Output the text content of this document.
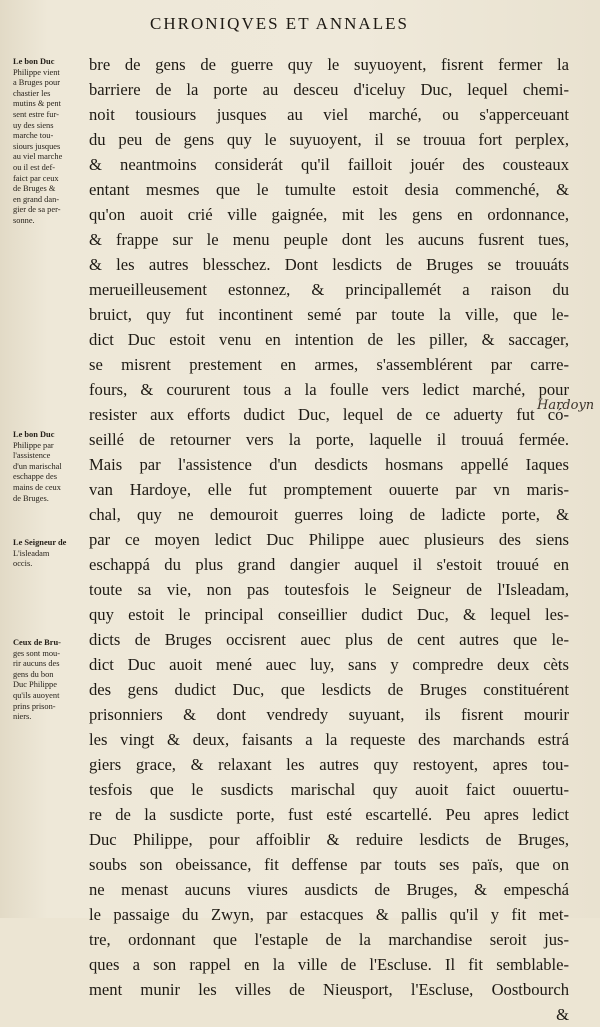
CHRONIQVES ET ANNALES
Le bon Duc
Philippe vient
a Bruges pour
chastier les
mutins & pent
sent estre fur-
uy des siens
marche tou-
siours jusques
au viel marche
ou il est def-
faict par ceux
de Bruges &
en grand dan-
gier de sa per-
sonne.
Le bon Duc
Philippe par
l'assistence
d'un marischal
eschappe des
mains de ceux
de Bruges.
Le Seigneur de
L'isleadam
occis.
Ceux de Bru-
ges sont mou-
rir aucuns des
gens du bon
Duc Philippe
qu'ils auoyent
prins prison-
niers.
Hardoyn
bre de gens de guerre quy le suyuoyent, fisrent fermer la
barriere de la porte au desceu d'iceluy Duc, lequel chemi-
noit tousiours jusques au viel marché, ou s'apperceuant
du peu de gens quy le suyuoyent, il se trouua fort perplex,
& neantmoins considerát qu'il failloit jouér des cousteaux
entant mesmes que le tumulte estoit desia commenché, &
qu'on auoit crié ville gaignée, mit les gens en ordonnance,
& frappe sur le menu peuple dont les aucuns fusrent tues,
& les autres blesschez. Dont lesdicts de Bruges se trouuáts
merueilleusement estonnez, & principallemét a raison du
bruict, quy fut incontinent semé par toute la ville, que le-
dict Duc estoit venu en intention de les piller, & saccager,
se misrent prestement en armes, s'assemblérent par carre-
fours, & coururent tous a la foulle vers ledict marché, pour
resister aux efforts dudict Duc, lequel de ce aduerty fut có-
seillé de retourner vers la porte, laquelle il trouuá fermée.
Mais par l'assistence d'un desdicts hosmans appellé Iaques
van Hardoye, elle fut promptement ouuerte par vn maris-
chal, quy ne demouroit guerres loing de ladicte porte, &
par ce moyen ledict Duc Philippe auec plusieurs des siens
eschappá du plus grand dangier auquel il s'estoit trouué en
toute sa vie, non pas toutesfois le Seigneur de l'Isleadam,
quy estoit le principal conseillier dudict Duc, & lequel les-
dicts de Bruges occisrent auec plus de cent autres que le-
dict Duc auoit mené auec luy, sans y compredre deux cèts
des gens dudict Duc, que lesdicts de Bruges constituérent
prisonniers & dont vendredy suyuant, ils fisrent mourir
les vingt & deux, faisants a la requeste des marchands estrá
giers grace, & relaxant les autres quy restoyent, apres tou-
tesfois que le susdicts marischal quy auoit faict ouuertu-
re de la susdicte porte, fust esté escartellé. Peu apres ledict
Duc Philippe, pour affoiblir & reduire lesdicts de Bruges,
soubs son obeissance, fit deffense par touts ses païs, que on
ne menast aucuns viures ausdicts de Bruges, & empeschá
le passaige du Zwyn, par estacques & pallis qu'il y fit met-
tre, ordonnant que l'estaple de la marchandise seroit jus-
ques a son rappel en la ville de l'Escluse. Il fit semblable-
ment munir les villes de Nieusport, l'Escluse, Oostbourch
&
